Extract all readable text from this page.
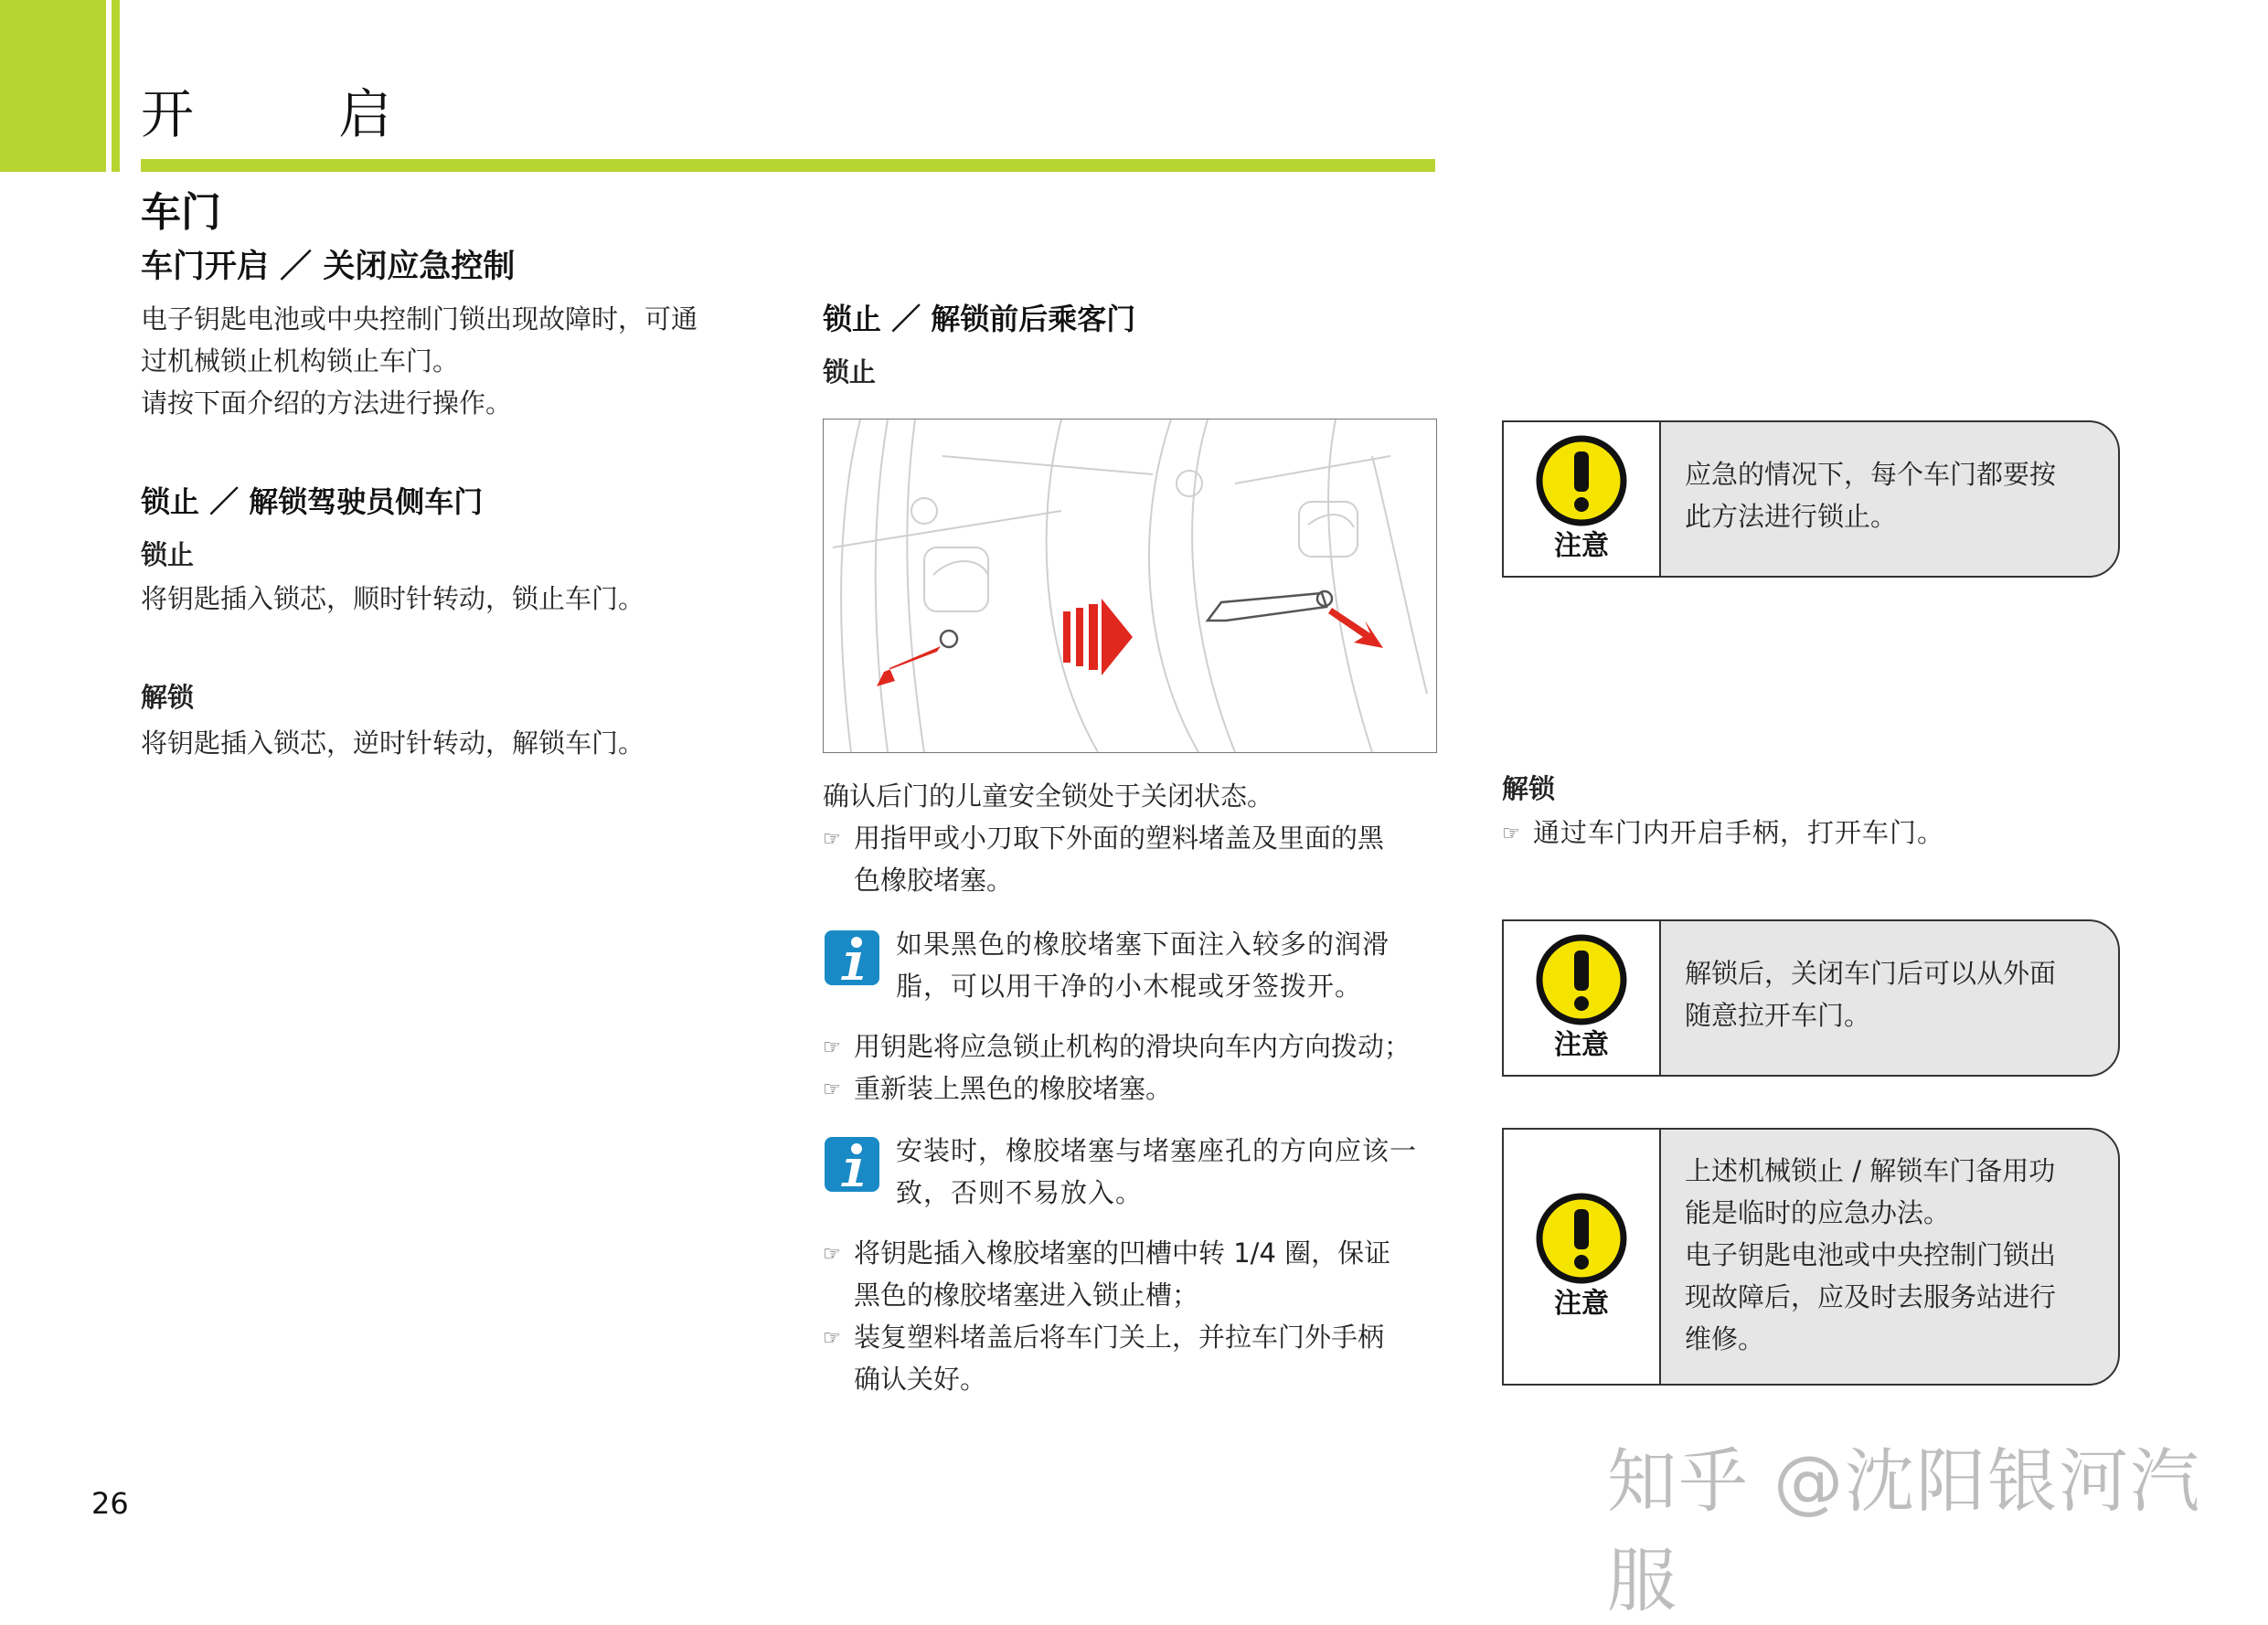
开 启
车门
车门开启 ／ 关闭应急控制
电子钥匙电池或中央控制门锁出现故障时，可通
过机械锁止机构锁止车门。
请按下面介绍的方法进行操作。
锁止 ／ 解锁驾驶员侧车门
锁止
将钥匙插入锁芯，顺时针转动，锁止车门。
解锁
将钥匙插入锁芯，逆时针转动，解锁车门。
锁止 ／ 解锁前后乘客门
锁止
确认后门的儿童安全锁处于关闭状态。
☞ 用指甲或小刀取下外面的塑料堵盖及里面的黑
色橡胶堵塞。
如果黑色的橡胶堵塞下面注入较多的润滑
脂，可以用干净的小木棍或牙签拨开。
☞ 用钥匙将应急锁止机构的滑块向车内方向拨动；
☞ 重新装上黑色的橡胶堵塞。
安装时，橡胶堵塞与堵塞座孔的方向应该一
致，否则不易放入。
☞ 将钥匙插入橡胶堵塞的凹槽中转 1/4 圈，保证
黑色的橡胶堵塞进入锁止槽；
☞ 装复塑料堵盖后将车门关上，并拉车门外手柄
确认关好。
注意
应急的情况下，每个车门都要按
此方法进行锁止。
解锁
☞ 通过车门内开启手柄，打开车门。
注意
解锁后，关闭车门后可以从外面
随意拉开车门。
注意
上述机械锁止 / 解锁车门备用功
能是临时的应急办法。
电子钥匙电池或中央控制门锁出
现故障后，应及时去服务站进行
维修。
26	知乎 @沈阳银河汽服
